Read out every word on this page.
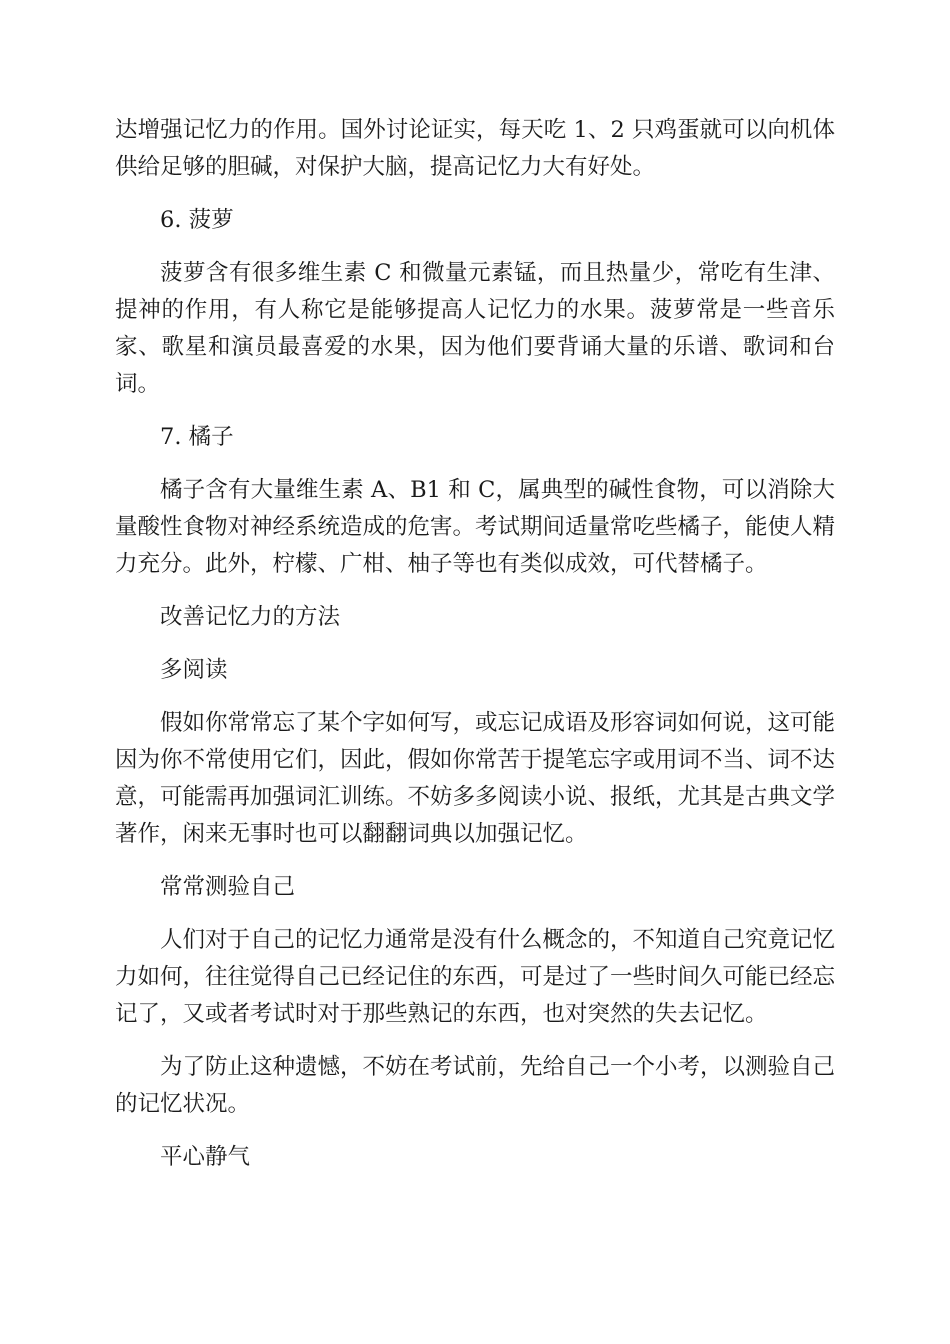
达增强记忆力的作用。国外讨论证实，每天吃 1、2 只鸡蛋就可以向机体供给足够的胆碱，对保护大脑，提高记忆力大有好处。

6. 菠萝

菠萝含有很多维生素 C 和微量元素锰，而且热量少，常吃有生津、提神的作用，有人称它是能够提高人记忆力的水果。菠萝常是一些音乐家、歌星和演员最喜爱的水果，因为他们要背诵大量的乐谱、歌词和台词。

7. 橘子

橘子含有大量维生素 A、B1 和 C，属典型的碱性食物，可以消除大量酸性食物对神经系统造成的危害。考试期间适量常吃些橘子，能使人精力充分。此外，柠檬、广柑、柚子等也有类似成效，可代替橘子。

改善记忆力的方法

多阅读

假如你常常忘了某个字如何写，或忘记成语及形容词如何说，这可能因为你不常使用它们，因此，假如你常苦于提笔忘字或用词不当、词不达意，可能需再加强词汇训练。不妨多多阅读小说、报纸，尤其是古典文学著作，闲来无事时也可以翻翻词典以加强记忆。

常常测验自己

人们对于自己的记忆力通常是没有什么概念的，不知道自己究竟记忆力如何，往往觉得自己已经记住的东西，可是过了一些时间久可能已经忘记了，又或者考试时对于那些熟记的东西，也对突然的失去记忆。

为了防止这种遗憾，不妨在考试前，先给自己一个小考，以测验自己的记忆状况。

平心静气
